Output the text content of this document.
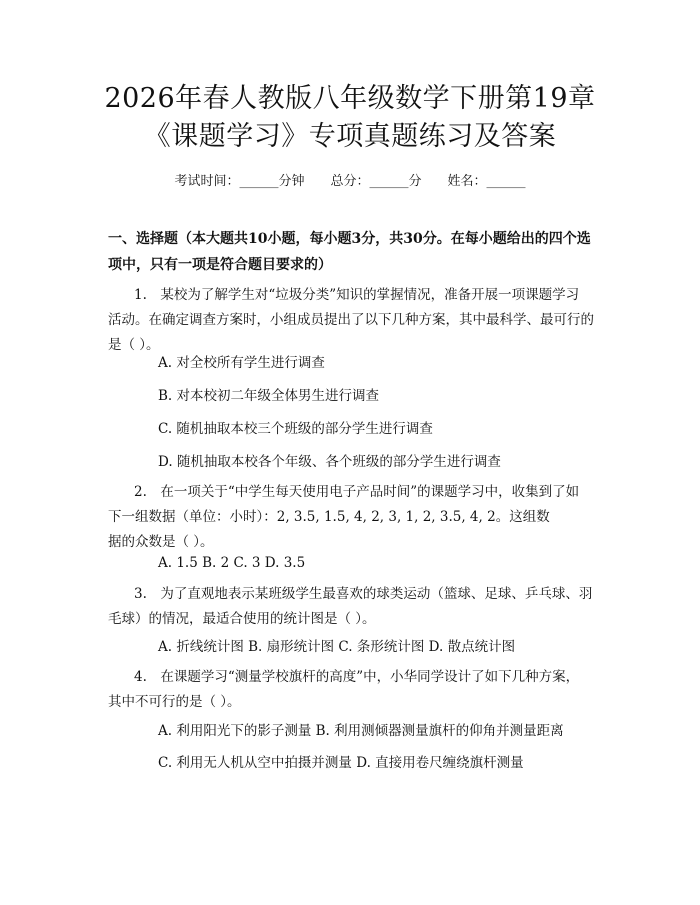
2026年春人教版八年级数学下册第19章
《课题学习》专项真题练习及答案
考试时间：______分钟 总分：______分 姓名：______
一、选择题（本大题共10小题，每小题3分，共30分。在每小题给出的四个选
项中，只有一项是符合题目要求的）
1.　某校为了解学生对“垃圾分类”知识的掌握情况，准备开展一项课题学习
活动。在确定调查方案时，小组成员提出了以下几种方案，其中最科学、最可行的
是（ ）。
A. 对全校所有学生进行调查
B. 对本校初二年级全体男生进行调查
C. 随机抽取本校三个班级的部分学生进行调查
D. 随机抽取本校各个年级、各个班级的部分学生进行调查
2.　在一项关于“中学生每天使用电子产品时间”的课题学习中，收集到了如
下一组数据（单位：小时）：2, 3.5, 1.5, 4, 2, 3, 1, 2, 3.5, 4, 2。这组数
据的众数是（ ）。
A. 1.5 B. 2 C. 3 D. 3.5
3.　为了直观地表示某班级学生最喜欢的球类运动（篮球、足球、乒乓球、羽
毛球）的情况，最适合使用的统计图是（ ）。
A. 折线统计图 B. 扇形统计图 C. 条形统计图 D. 散点统计图
4.　在课题学习“测量学校旗杆的高度”中，小华同学设计了如下几种方案，
其中不可行的是（ ）。
A. 利用阳光下的影子测量 B. 利用测倾器测量旗杆的仰角并测量距离
C. 利用无人机从空中拍摄并测量 D. 直接用卷尺缠绕旗杆测量
